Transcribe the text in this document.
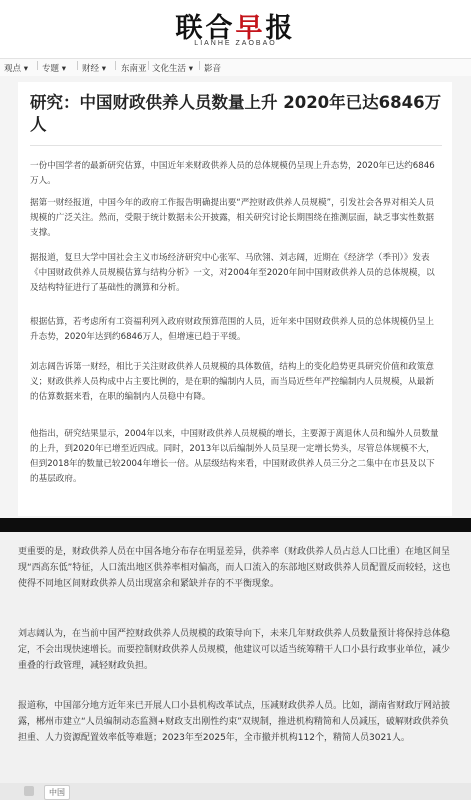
联合早报
LIANHE ZAOBAO
观点 ▾ | 专题 ▾ | 财经 ▾ | 东南亚 | 文化生活 ▾ | 影音
研究：中国财政供养人员数量上升 2020年已达6846万人
一份中国学者的最新研究估算，中国近年来财政供养人员的总体规模仍呈现上升态势，2020年已达约6846万人。
据第一财经报道，中国今年的政府工作报告明确提出要“严控财政供养人员规模”，引发社会各界对相关人员规模的广泛关注。然而，受限于统计数据未公开披露，相关研究讨论长期围绕在推测层面，缺乏事实性数据支撑。
据报道，复旦大学中国社会主义市场经济研究中心张军、马欣翎、刘志阔，近期在《经济学（季刊）》发表《中国财政供养人员规模估算与结构分析》一文，对2004年至2020年间中国财政供养人员的总体规模，以及结构特征进行了基础性的测算和分析。
根据估算，若考虑所有工资福利列入政府财政预算范围的人员，近年来中国财政供养人员的总体规模仍呈上升态势，2020年达到约6846万人，但增速已趋于平缓。
刘志阔告诉第一财经，相比于关注财政供养人员规模的具体数值，结构上的变化趋势更具研究价值和政策意义；财政供养人员构成中占主要比例的，是在职的编制内人员，而当局近些年严控编制内人员规模，从最新的估算数据来看，在职的编制内人员稳中有降。
他指出，研究结果显示，2004年以来，中国财政供养人员规模的增长，主要源于离退休人员和编外人员数量的上升，到2020年已增至近四成。同时，2013年以后编制外人员呈现一定增长势头，尽管总体规模不大，但到2018年的数量已较2004年增长一倍。从层级结构来看，中国财政供养人员三分之二集中在市县及以下的基层政府。
更重要的是，财政供养人员在中国各地分布存在明显差异，供养率（财政供养人员占总人口比重）在地区间呈现“西高东低”特征，人口流出地区供养率相对偏高，而人口流入的东部地区财政供养人员配置反而较轻，这也使得不同地区间财政供养人员出现富余和紧缺并存的不平衡现象。
刘志阔认为，在当前中国严控财政供养人员规模的政策导向下，未来几年财政供养人员数量预计将保持总体稳定，不会出现快速增长。而要控制财政供养人员规模，他建议可以适当统筹精干人口小县行政事业单位，减少重叠的行政管理，减轻财政负担。
报道称，中国部分地方近年来已开展人口小县机构改革试点，压减财政供养人员。比如，湖南省财政厅网站披露，郴州市建立“人员编制动态监测+财政支出刚性约束”双规制，推进机构精简和人员减压，破解财政供养负担重、人力资源配置效率低等难题；2023年至2025年，全市撤并机构112个，精简人员3021人。
中国
